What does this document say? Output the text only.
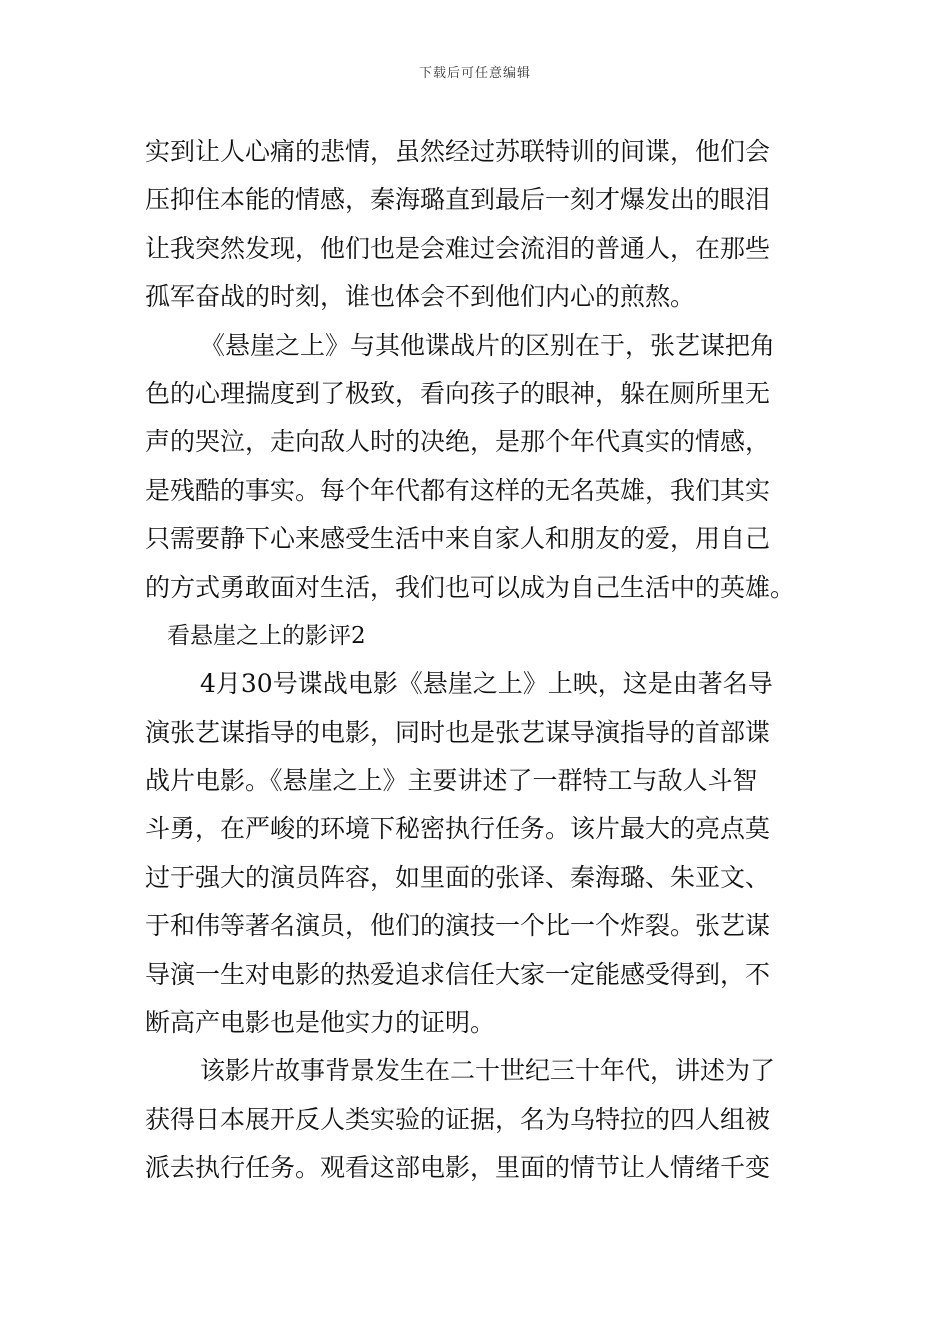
下载后可任意编辑
实到让人心痛的悲情，虽然经过苏联特训的间谍，他们会
压抑住本能的情感，秦海璐直到最后一刻才爆发出的眼泪
让我突然发现，他们也是会难过会流泪的普通人，在那些
孤军奋战的时刻，谁也体会不到他们内心的煎熬。
《悬崖之上》与其他谍战片的区别在于，张艺谋把角
色的心理揣度到了极致，看向孩子的眼神，躲在厕所里无
声的哭泣，走向敌人时的决绝，是那个年代真实的情感，
是残酷的事实。每个年代都有这样的无名英雄，我们其实
只需要静下心来感受生活中来自家人和朋友的爱，用自己
的方式勇敢面对生活，我们也可以成为自己生活中的英雄。
看悬崖之上的影评2
4月30号谍战电影《悬崖之上》上映，这是由著名导
演张艺谋指导的电影，同时也是张艺谋导演指导的首部谍
战片电影。《悬崖之上》主要讲述了一群特工与敌人斗智
斗勇，在严峻的环境下秘密执行任务。该片最大的亮点莫
过于强大的演员阵容，如里面的张译、秦海璐、朱亚文、
于和伟等著名演员，他们的演技一个比一个炸裂。张艺谋
导演一生对电影的热爱追求信任大家一定能感受得到，不
断高产电影也是他实力的证明。
该影片故事背景发生在二十世纪三十年代，讲述为了
获得日本展开反人类实验的证据，名为乌特拉的四人组被
派去执行任务。观看这部电影，里面的情节让人情绪千变
